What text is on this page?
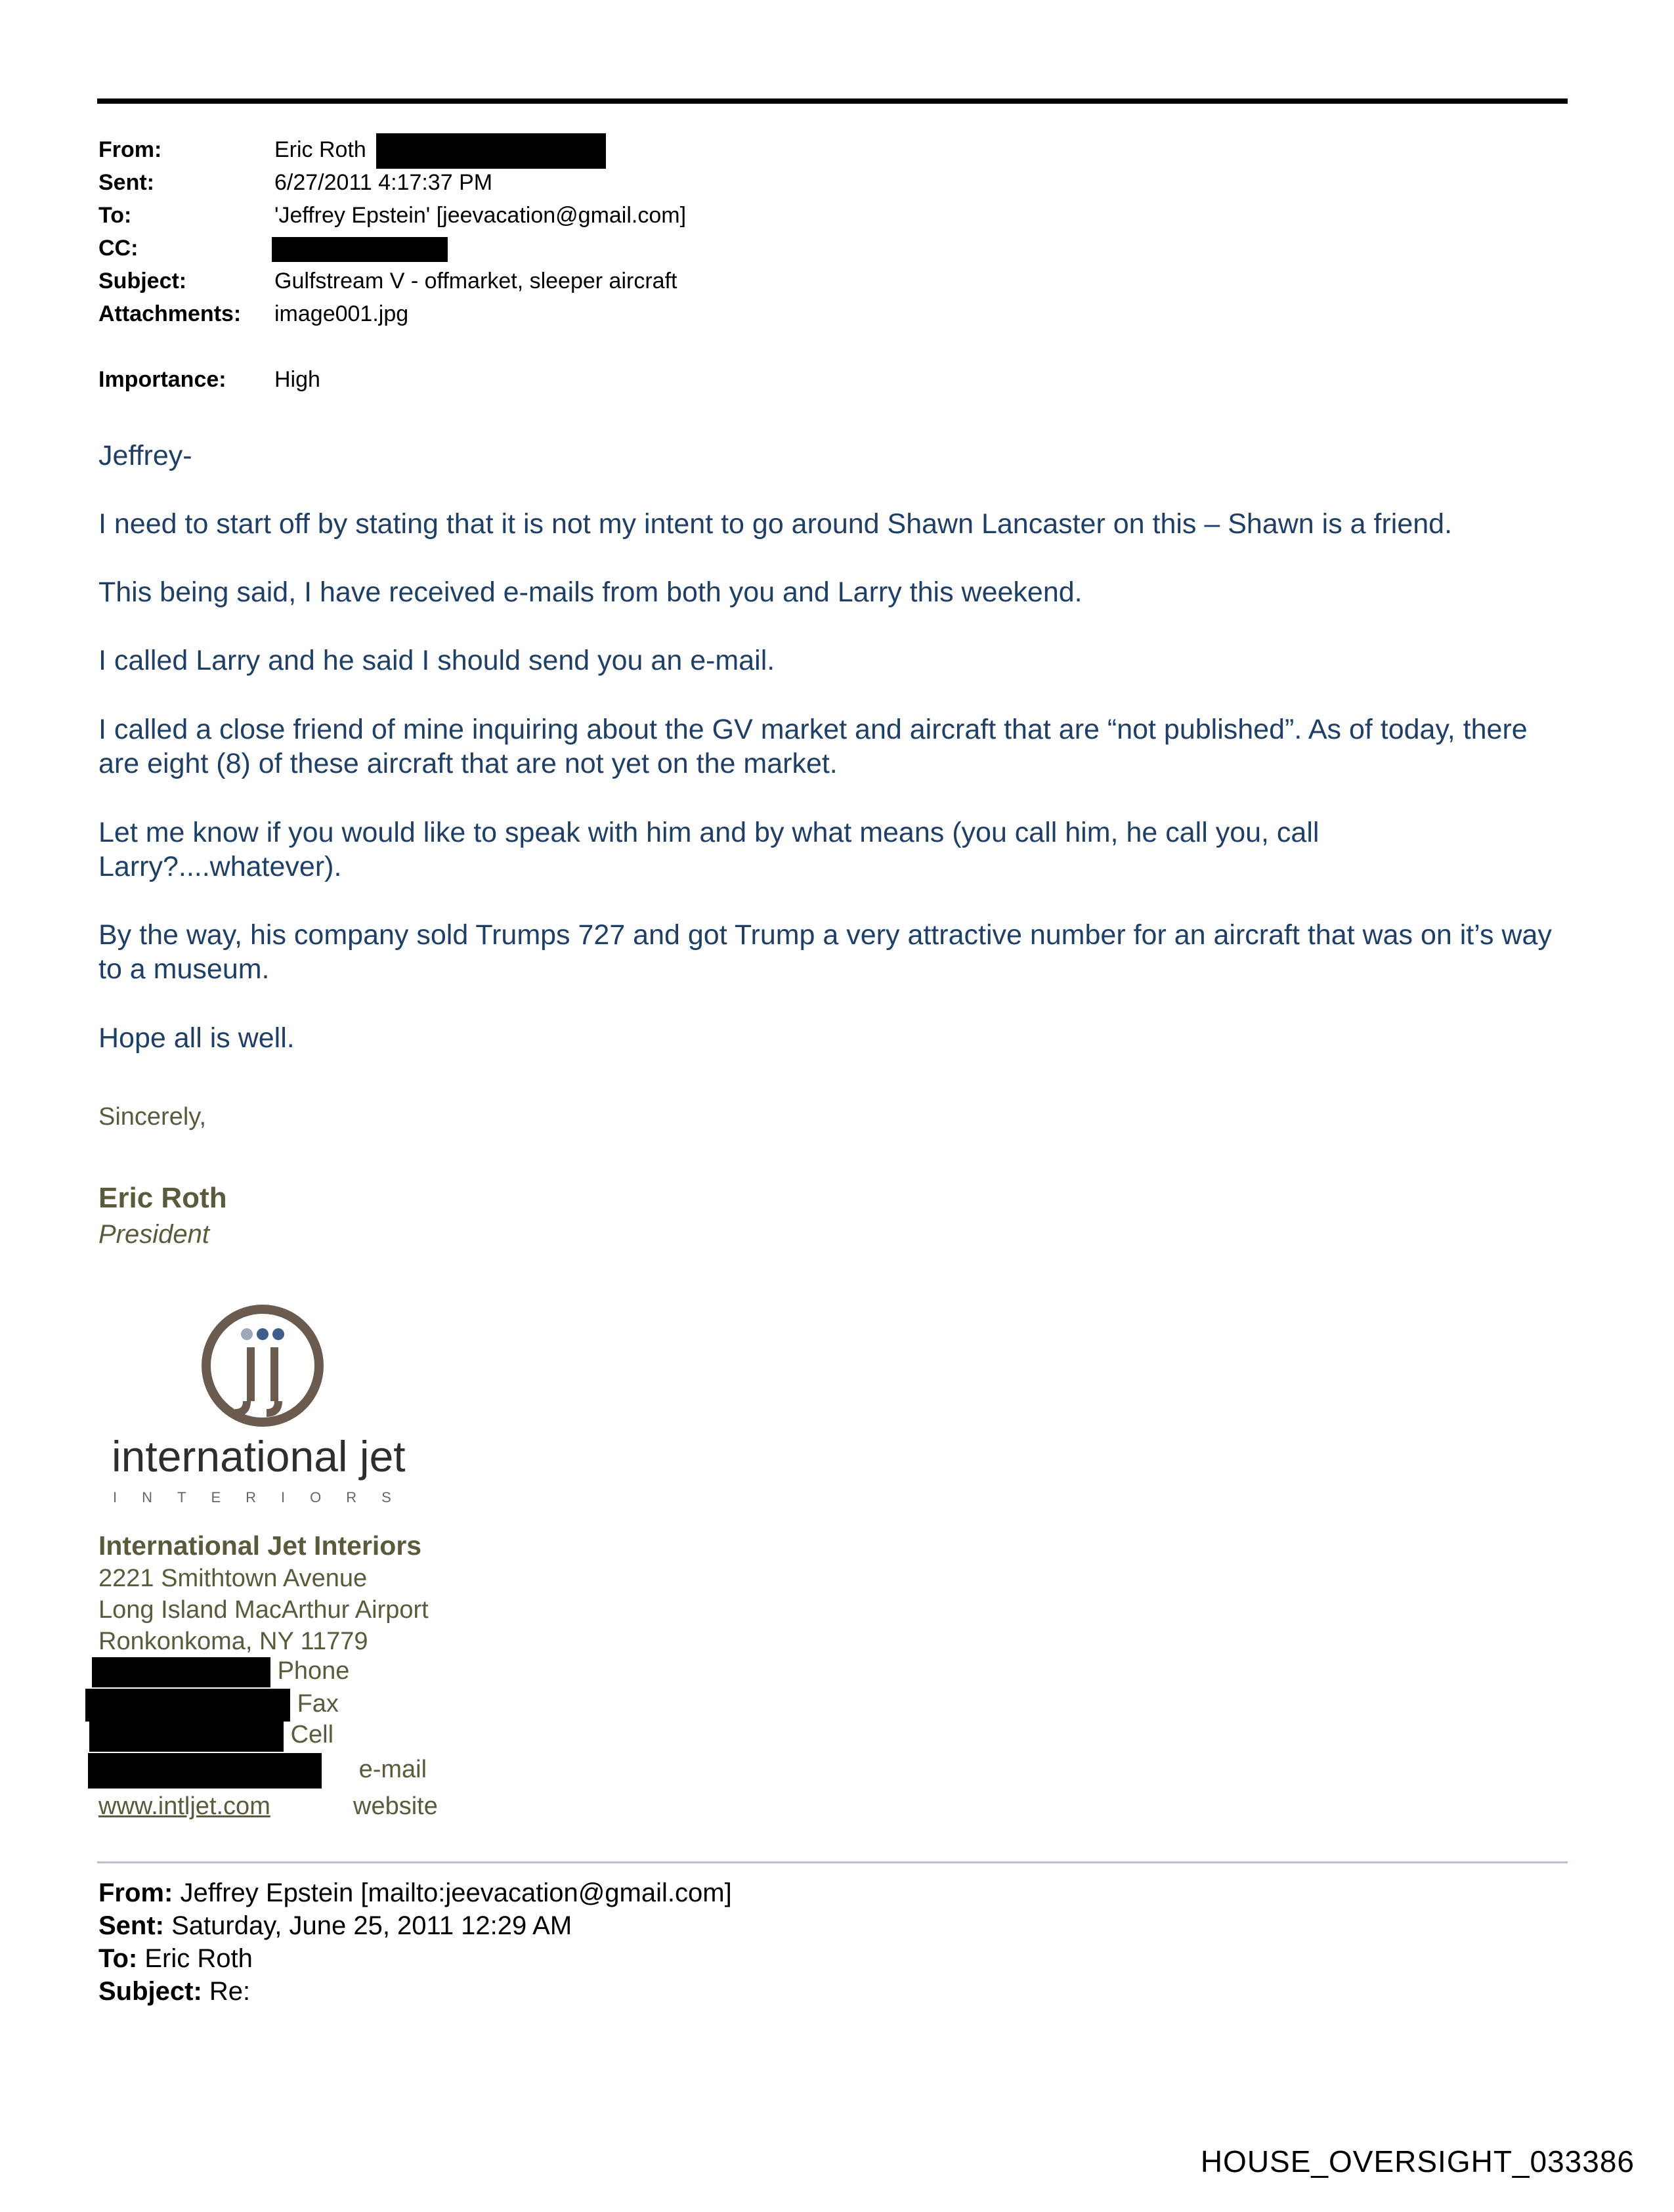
From:	Eric Roth
Sent:	6/27/2011 4:17:37 PM
To:	'Jeffrey Epstein' [jeevacation@gmail.com]
CC:
Subject:	Gulfstream V - offmarket, sleeper aircraft
Attachments: image001.jpg
Importance: High
Jeffrey-
I need to start off by stating that it is not my intent to go around Shawn Lancaster on this – Shawn is a friend.
This being said, I have received e-mails from both you and Larry this weekend.
I called Larry and he said I should send you an e-mail.
I called a close friend of mine inquiring about the GV market and aircraft that are “not published”. As of today, there are eight (8) of these aircraft that are not yet on the market.
Let me know if you would like to speak with him and by what means (you call him, he call you, call Larry?....whatever).
By the way, his company sold Trumps 727 and got Trump a very attractive number for an aircraft that was on it’s way to a museum.
Hope all is well.
Sincerely,
Eric Roth
President
international jet
INTERIORS
International Jet Interiors
2221 Smithtown Avenue
Long Island MacArthur Airport
Ronkonkoma, NY 11779
Phone
Fax
Cell
e-mail
www.intljet.com	website
From: Jeffrey Epstein [mailto:jeevacation@gmail.com]
Sent: Saturday, June 25, 2011 12:29 AM
To: Eric Roth
Subject: Re:
HOUSE_OVERSIGHT_033386
